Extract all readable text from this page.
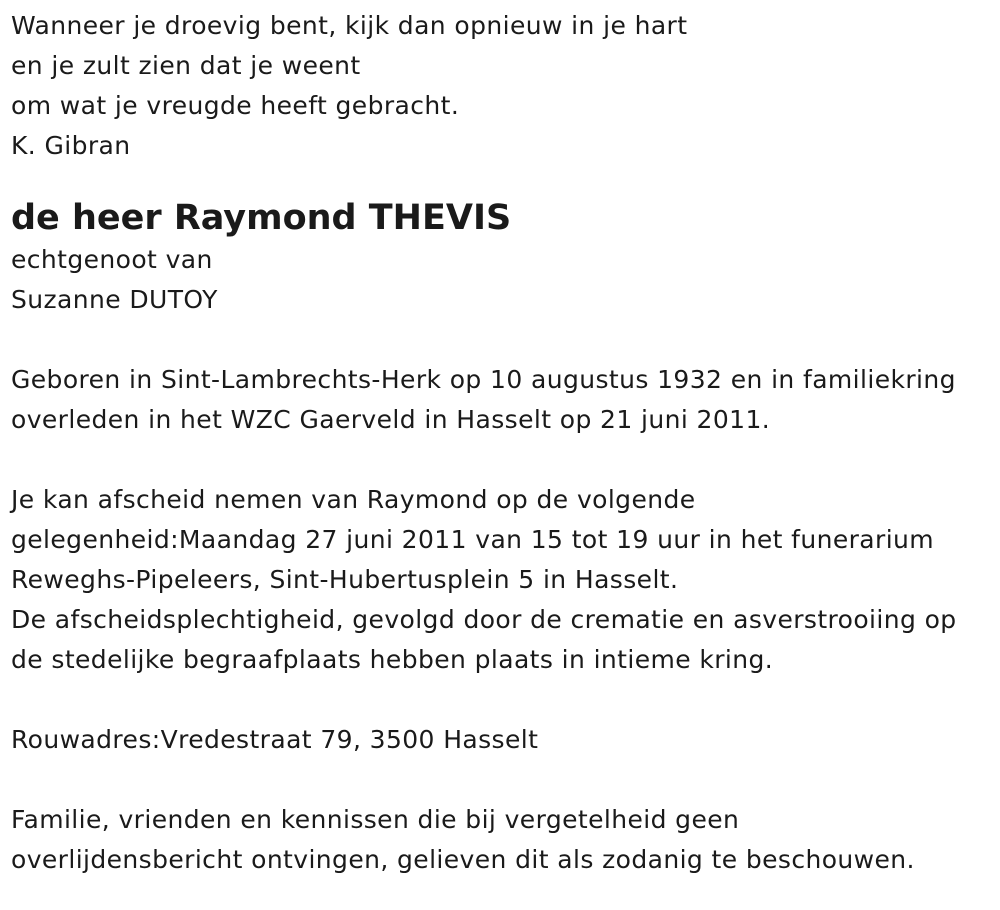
Wanneer je droevig bent, kijk dan opnieuw in je hart
en je zult zien dat je weent
om wat je vreugde heeft gebracht.
K. Gibran
de heer Raymond THEVIS
echtgenoot van
Suzanne DUTOY
Geboren in Sint-Lambrechts-Herk op 10 augustus 1932 en in familiekring
overleden in het WZC Gaerveld in Hasselt op 21 juni 2011.
Je kan afscheid nemen van Raymond op de volgende
gelegenheid:Maandag 27 juni 2011 van 15 tot 19 uur in het funerarium
Reweghs-Pipeleers, Sint-Hubertusplein 5 in Hasselt.
De afscheidsplechtigheid, gevolgd door de crematie en asverstrooiing op
de stedelijke begraafplaats hebben plaats in intieme kring.
Rouwadres:Vredestraat 79, 3500 Hasselt
Familie, vrienden en kennissen die bij vergetelheid geen
overlijdensbericht ontvingen, gelieven dit als zodanig te beschouwen.
